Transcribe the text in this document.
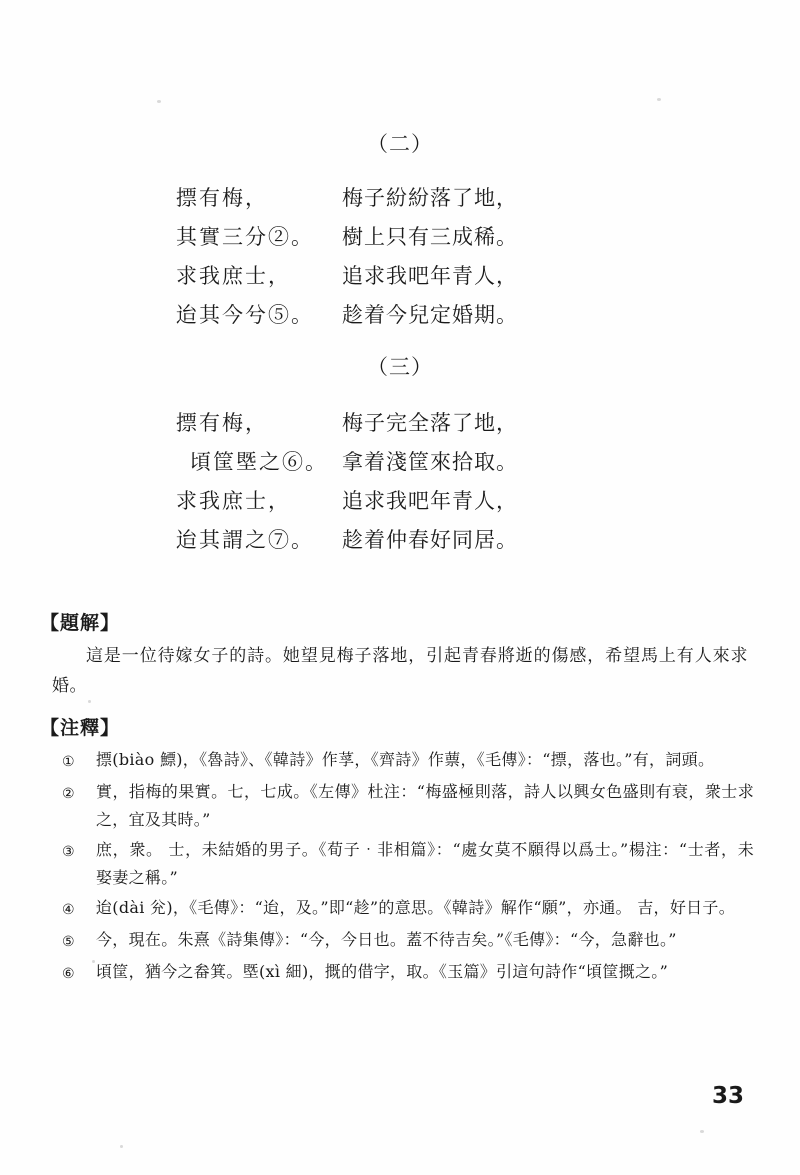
（二）

摽有梅，	梅子紛紛落了地，
其實三分②。	樹上只有三成稀。
求我庶士，	追求我吧年青人，
迨其今兮⑤。	趁着今兒定婚期。

（三）

摽有梅，	梅子完全落了地，
頃筐塈之⑥。 拿着淺筐來拾取。
求我庶士，	追求我吧年青人，
迨其謂之⑦。	趁着仲春好同居。
【題解】

這是一位待嫁女子的詩。她望見梅子落地，引起青春將逝的傷感，希望馬上有人來求婚。

【注釋】
①	摽(biào 鰾)，《魯詩》、《韓詩》作莩，《齊詩》作蔈，《毛傳》：“摽，落也。”有，詞頭。
②	實，指梅的果實。七，七成。《左傳》杜注：“梅盛極則落，詩人以興女色盛則有衰，衆士求之，宜及其時。”
③	庶，衆。 士，未結婚的男子。《荀子‧非相篇》：“處女莫不願得以爲士。”楊注：“士者，未娶妻之稱。”
④	迨(dài 兊)，《毛傳》：“迨，及。”即“趁”的意思。《韓詩》解作“願”，亦通。 吉，好日子。
⑤	今，現在。朱熹《詩集傳》：“今，今日也。蓋不待吉矣。”《毛傳》：“今，急辭也。”
⑥	頃筐，猶今之畚箕。塈(xì 細)，摡的借字，取。《玉篇》引這句詩作“頃筐摡之。”
33
